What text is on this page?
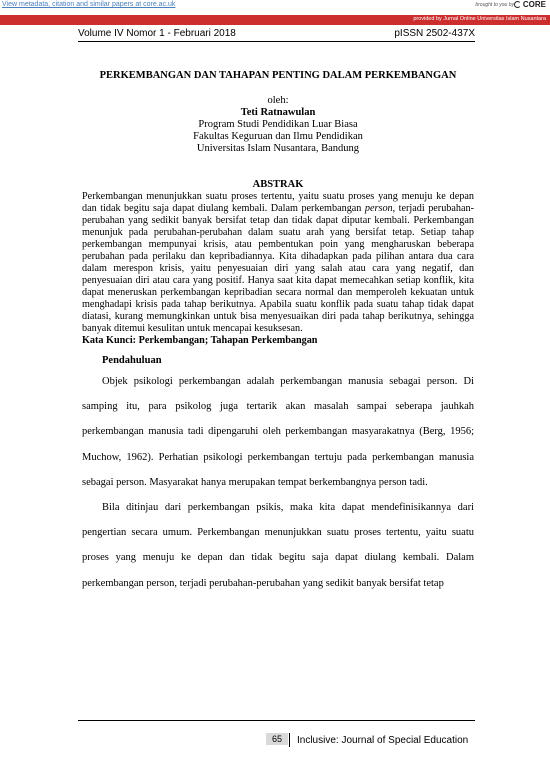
View metadata, citation and similar papers at core.ac.uk	brought to you by CORE
provided by Jurnal Online Universitas Islam Nusantara
Volume IV Nomor 1 - Februari 2018	pISSN 2502-437X

PERKEMBANGAN DAN TAHAPAN PENTING DALAM PERKEMBANGAN

oleh:
Teti Ratnawulan
Program Studi Pendidikan Luar Biasa
Fakultas Keguruan dan Ilmu Pendidikan
Universitas Islam Nusantara, Bandung
ABSTRAK

Perkembangan menunjukkan suatu proses tertentu, yaitu suatu proses yang menuju ke depan dan tidak begitu saja dapat diulang kembali. Dalam perkembangan person, terjadi perubahan-perubahan yang sedikit banyak bersifat tetap dan tidak dapat diputar kembali. Perkembangan menunjuk pada perubahan-perubahan dalam suatu arah yang bersifat tetap. Setiap tahap perkembangan mempunyai krisis, atau pembentukan poin yang mengharuskan beberapa perubahan pada perilaku dan kepribadiannya. Kita dihadapkan pada pilihan antara dua cara dalam merespon krisis, yaitu penyesuaian diri yang salah atau cara yang negatif, dan penyesuaian diri atau cara yang positif. Hanya saat kita dapat memecahkan setiap konflik, kita dapat meneruskan perkembangan kepribadian secara normal dan memperoleh kekuatan untuk menghadapi krisis pada tahap berikutnya. Apabila suatu konflik pada suatu tahap tidak dapat diatasi, kurang memungkinkan untuk bisa menyesuaikan diri pada tahap berikutnya, sehingga banyak ditemui kesulitan untuk mencapai kesuksesan.

Kata Kunci: Perkembangan; Tahapan Perkembangan

Pendahuluan

Objek psikologi perkembangan adalah perkembangan manusia sebagai person. Di samping itu, para psikolog juga tertarik akan masalah sampai seberapa jauhkah perkembangan manusia tadi dipengaruhi oleh perkembangan masyarakatnya (Berg, 1956; Muchow, 1962). Perhatian psikologi perkembangan tertuju pada perkembangan manusia sebagai person. Masyarakat hanya merupakan tempat berkembangnya person tadi.

Bila ditinjau dari perkembangan psikis, maka kita dapat mendefinisikannya dari pengertian secara umum. Perkembangan menunjukkan suatu proses tertentu, yaitu suatu proses yang menuju ke depan dan tidak begitu saja dapat diulang kembali. Dalam perkembangan person, terjadi perubahan-perubahan yang sedikit banyak bersifat tetap

65	Inclusive: Journal of Special Education
